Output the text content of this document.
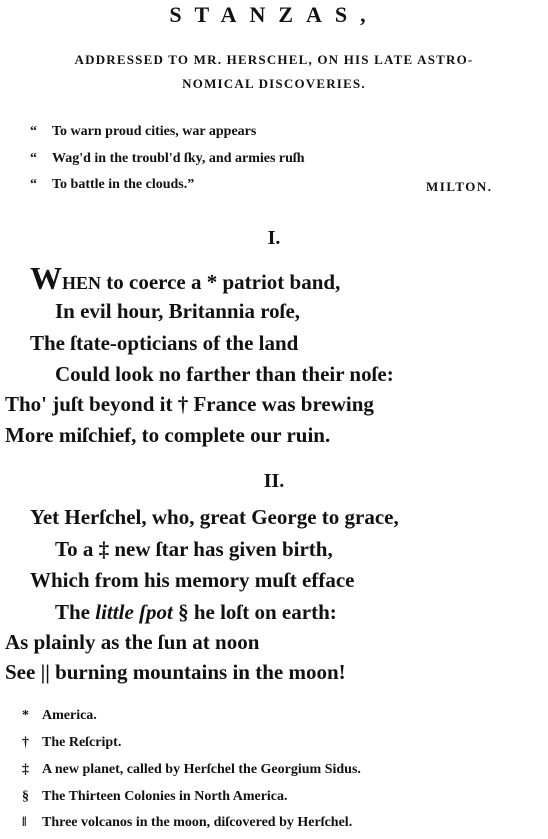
STANZAS,
ADDRESSED TO MR. HERSCHEL, ON HIS LATE ASTRO-
NOMICAL DISCOVERIES.
“ To warn proud cities, war appears
“ Wag'd in the troubl'd ſky, and armies ruſh
“ To battle in the clouds.”	MILTON.
I.
WHEN to coerce a * patriot band,
In evil hour, Britannia roſe,
The ſtate-opticians of the land
Could look no farther than their noſe:
Tho' juſt beyond it † France was brewing
More miſchief, to complete our ruin.
II.
Yet Herſchel, who, great George to grace,
To a ‡ new ſtar has given birth,
Which from his memory muſt efface
The little ſpot § he loſt on earth:
As plainly as the ſun at noon
See || burning mountains in the moon!
* America.
† The Reſcript.
‡ A new planet, called by Herſchel the Georgium Sidus.
§ The Thirteen Colonies in North America.
‖ Three volcanos in the moon, diſcovered by Herſchel.
